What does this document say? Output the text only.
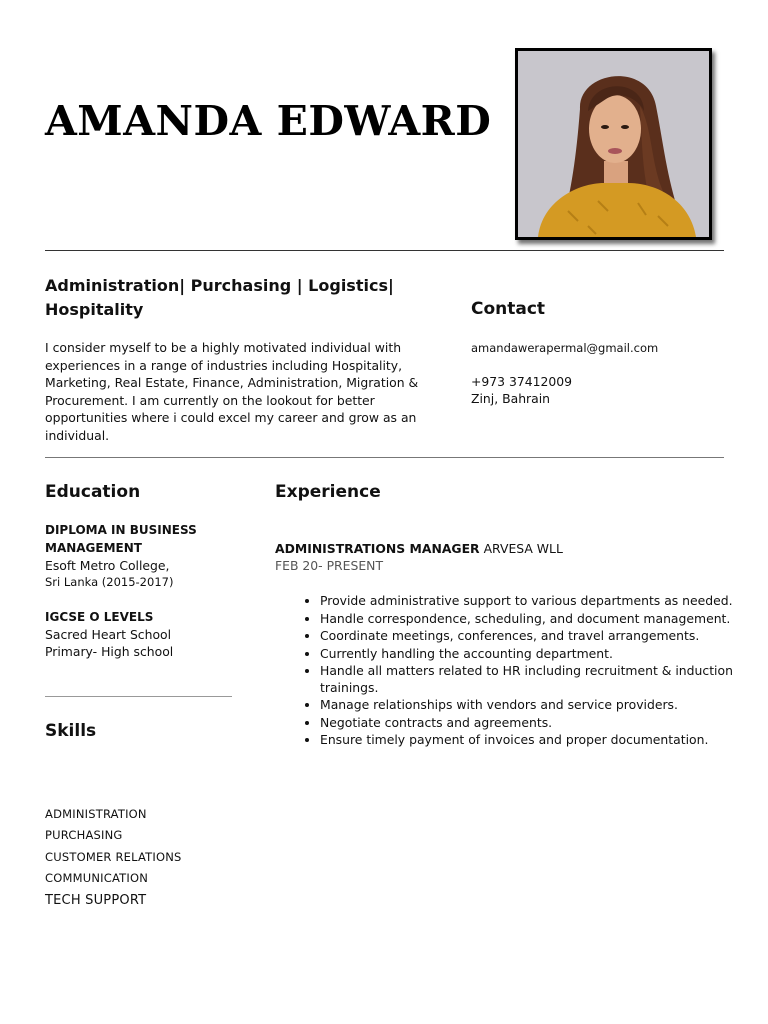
AMANDA EDWARD
Administration| Purchasing | Logistics| Hospitality

I consider myself to be a highly motivated individual with experiences in a range of industries including Hospitality, Marketing, Real Estate, Finance, Administration, Migration & Procurement. I am currently on the lookout for better opportunities where i could excel my career and grow as an individual.

Contact

amandawerapermal@gmail.com

+973 37412009

Zinj, Bahrain

Education

DIPLOMA IN BUSINESS MANAGEMENT

Esoft Metro College,

Sri Lanka (2015-2017)

IGCSE O LEVELS

Sacred Heart School

Primary- High school

Skills
ADMINISTRATION
PURCHASING
CUSTOMER RELATIONS
COMMUNICATION
TECH SUPPORT
Experience

ADMINISTRATIONS MANAGER ARVESA WLL

FEB 20- PRESENT

• Provide administrative support to various departments as needed.
• Handle correspondence, scheduling, and document management.
• Coordinate meetings, conferences, and travel arrangements.
• Currently handling the accounting department.
• Handle all matters related to HR including recruitment & induction trainings.
• Manage relationships with vendors and service providers.
• Negotiate contracts and agreements.
• Ensure timely payment of invoices and proper documentation.
